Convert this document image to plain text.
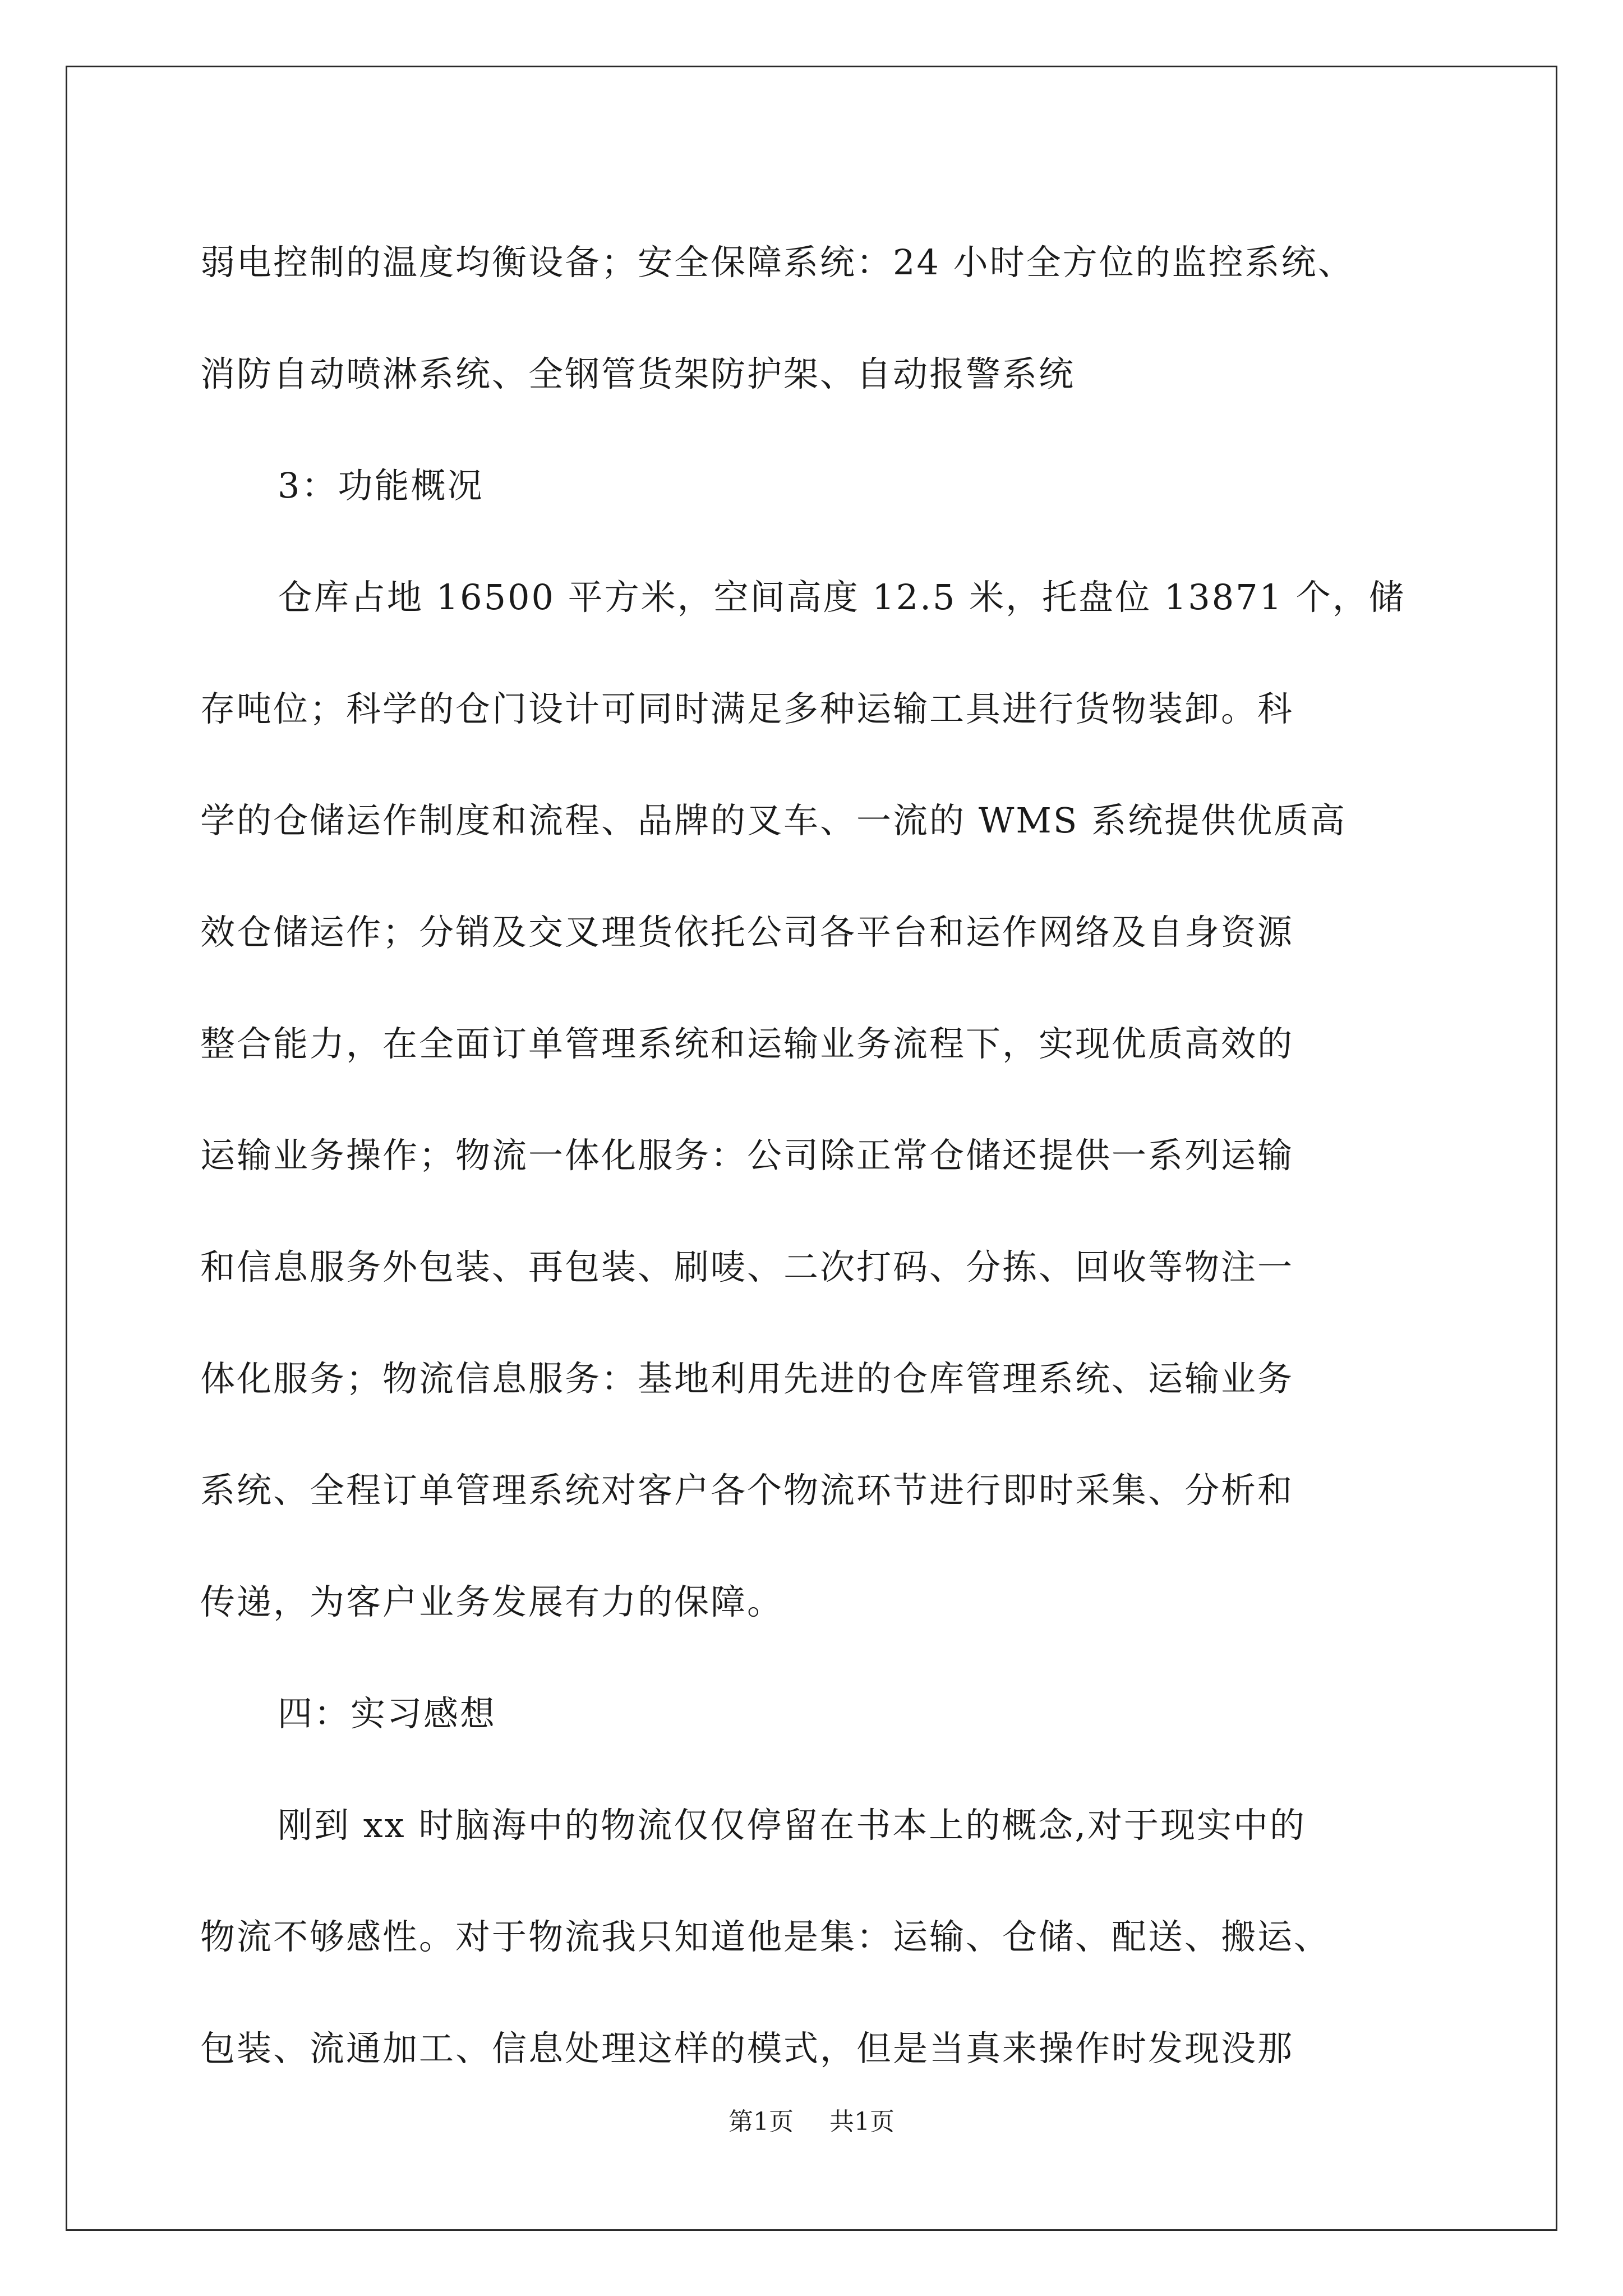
弱电控制的温度均衡设备；安全保障系统：24 小时全方位的监控系统、
消防自动喷淋系统、全钢管货架防护架、自动报警系统
3：功能概况
仓库占地 16500 平方米，空间高度 12.5 米，托盘位 13871 个，储
存吨位；科学的仓门设计可同时满足多种运输工具进行货物装卸。科
学的仓储运作制度和流程、品牌的叉车、一流的 WMS 系统提供优质高
效仓储运作；分销及交叉理货依托公司各平台和运作网络及自身资源
整合能力，在全面订单管理系统和运输业务流程下，实现优质高效的
运输业务操作；物流一体化服务：公司除正常仓储还提供一系列运输
和信息服务外包装、再包装、刷唛、二次打码、分拣、回收等物注一
体化服务；物流信息服务：基地利用先进的仓库管理系统、运输业务
系统、全程订单管理系统对客户各个物流环节进行即时采集、分析和
传递，为客户业务发展有力的保障。
四：实习感想
刚到 xx 时脑海中的物流仅仅停留在书本上的概念,对于现实中的
物流不够感性。对于物流我只知道他是集：运输、仓储、配送、搬运、
包装、流通加工、信息处理这样的模式，但是当真来操作时发现没那
第1页 共1页
